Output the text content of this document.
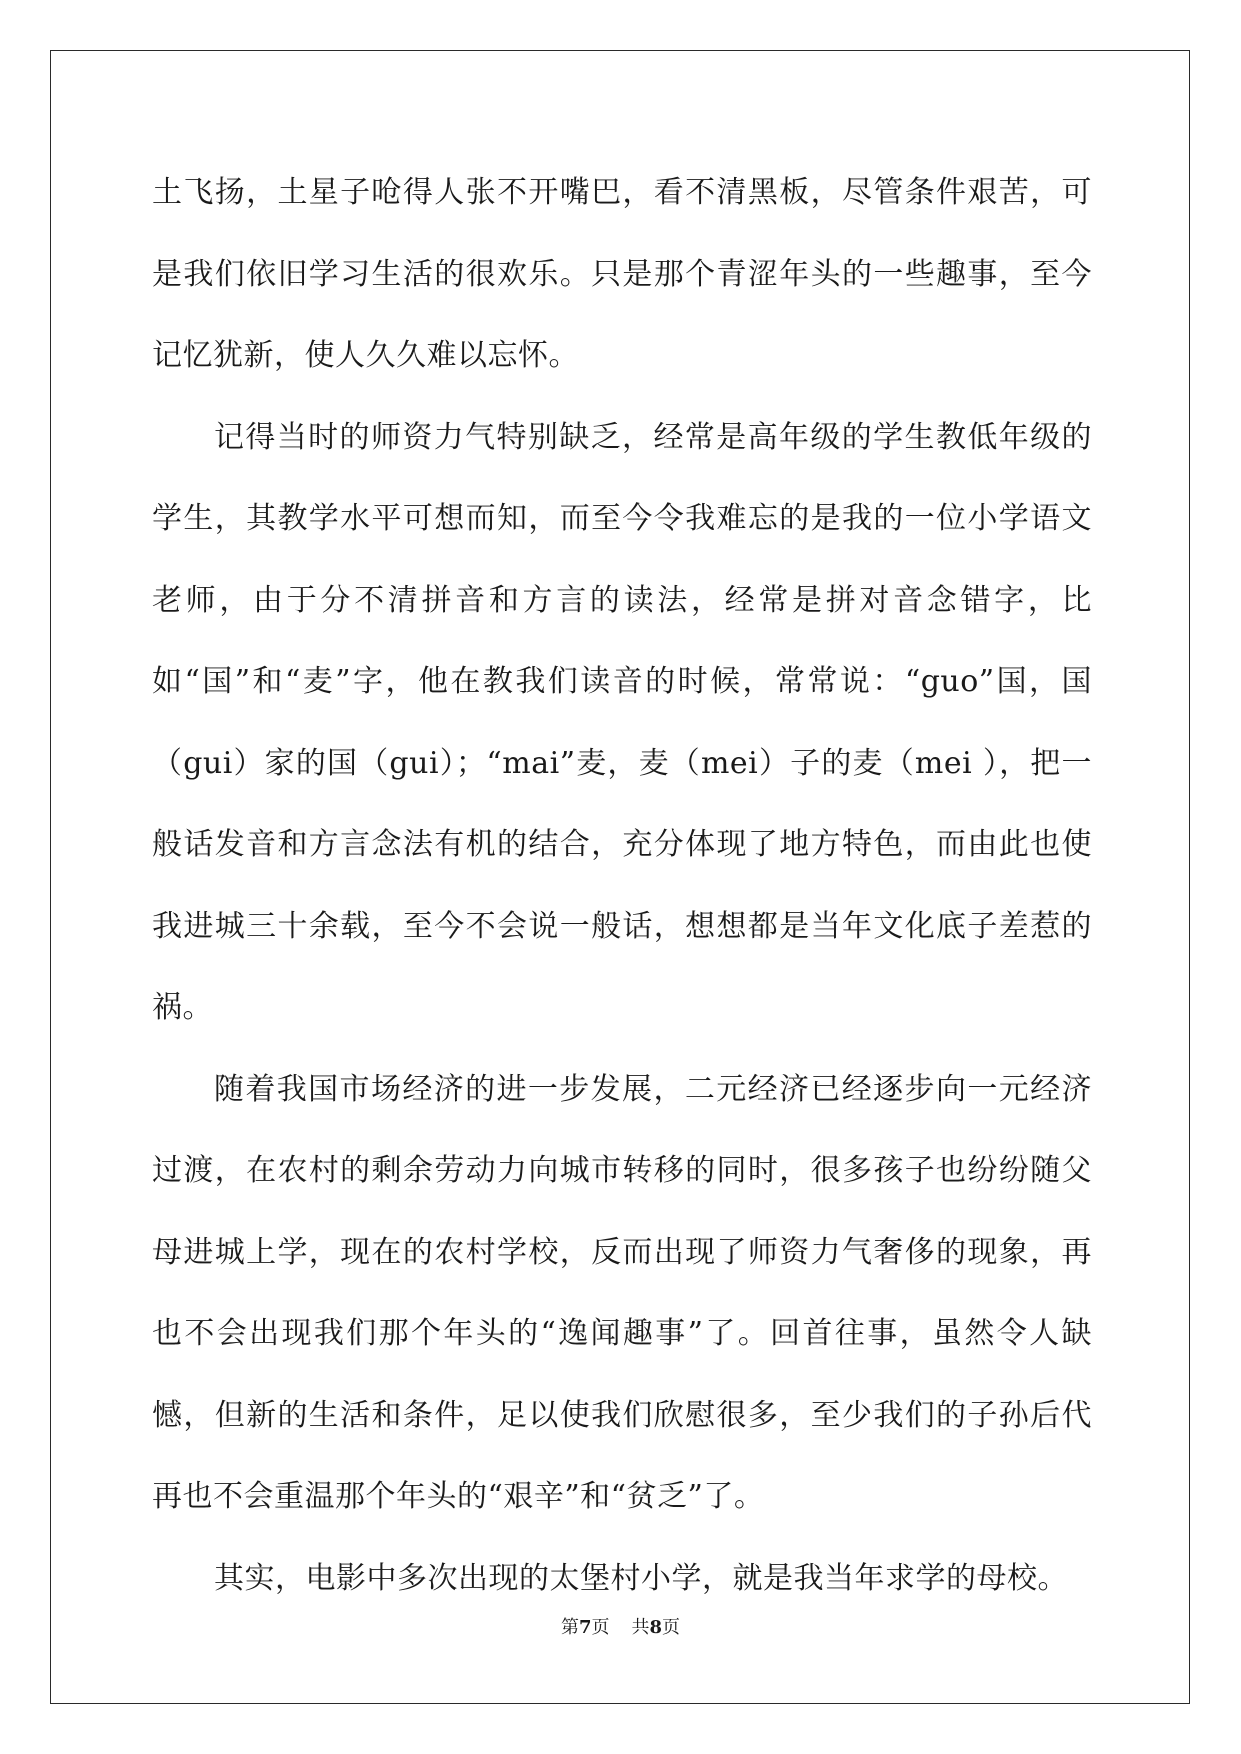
土飞扬，土星子呛得人张不开嘴巴，看不清黑板，尽管条件艰苦，可是我们依旧学习生活的很欢乐。只是那个青涩年头的一些趣事，至今记忆犹新，使人久久难以忘怀。

记得当时的师资力气特别缺乏，经常是高年级的学生教低年级的学生，其教学水平可想而知，而至今令我难忘的是我的一位小学语文老师，由于分不清拼音和方言的读法，经常是拼对音念错字，比如“国”和“麦”字，他在教我们读音的时候，常常说：“guo”国，国（gui）家的国（gui）；“mai”麦，麦（mei）子的麦（mei ），把一般话发音和方言念法有机的结合，充分体现了地方特色，而由此也使我进城三十余载，至今不会说一般话，想想都是当年文化底子差惹的祸。

随着我国市场经济的进一步发展，二元经济已经逐步向一元经济过渡，在农村的剩余劳动力向城市转移的同时，很多孩子也纷纷随父母进城上学，现在的农村学校，反而出现了师资力气奢侈的现象，再也不会出现我们那个年头的“逸闻趣事”了。回首往事，虽然令人缺憾，但新的生活和条件，足以使我们欣慰很多，至少我们的子孙后代再也不会重温那个年头的“艰辛”和“贫乏”了。

其实，电影中多次出现的太堡村小学，就是我当年求学的母校。

第7页 共8页
